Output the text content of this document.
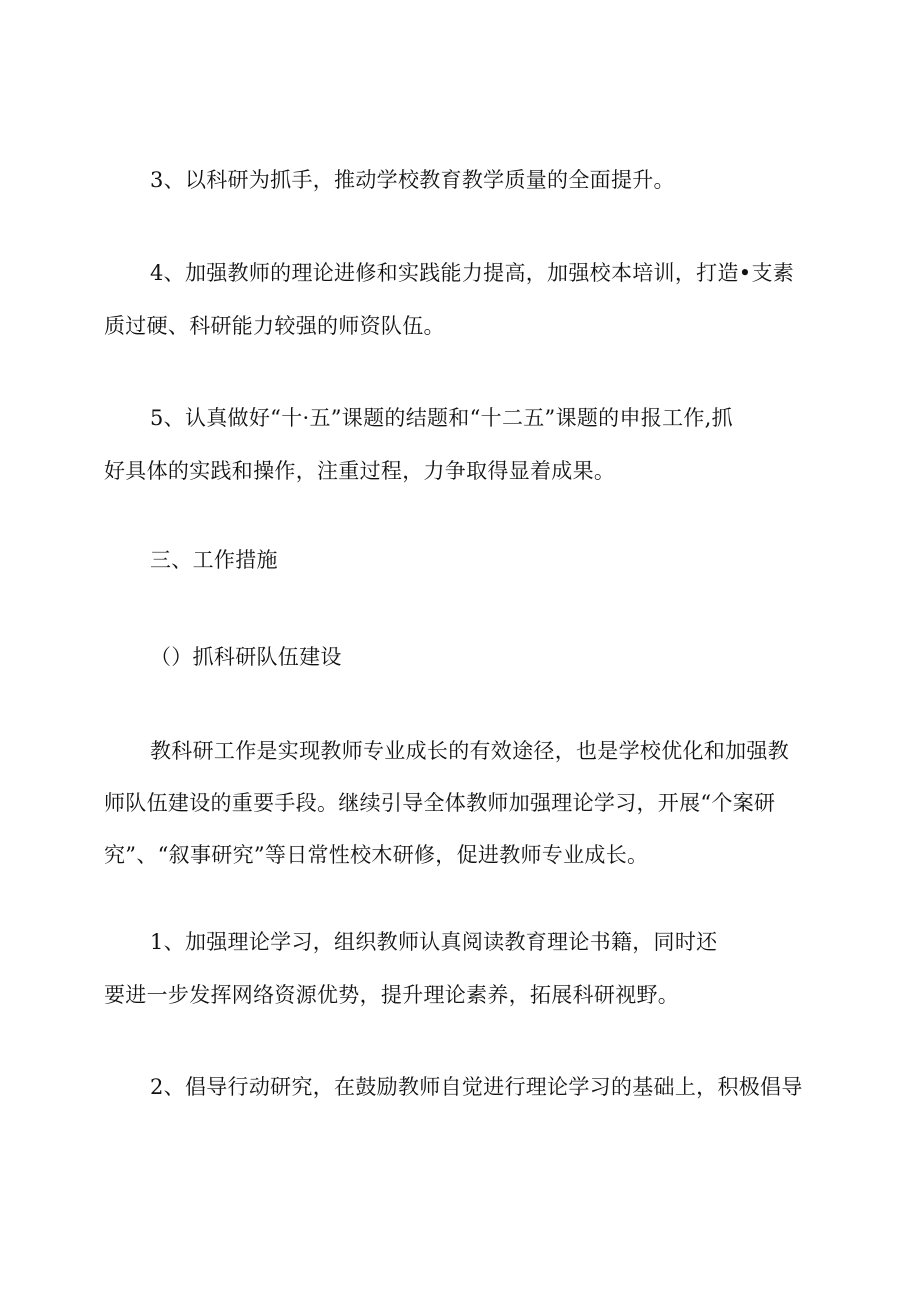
3、以科研为抓手，推动学校教育教学质量的全面提升。
4、加强教师的理论进修和实践能力提高，加强校本培训，打造•支素
质过硬、科研能力较强的师资队伍。
5、认真做好“十·五”课题的结题和“十二五”课题的申报工作,抓
好具体的实践和操作，注重过程，力争取得显着成果。
三、工作措施
（）抓科研队伍建设
教科研工作是实现教师专业成长的有效途径，也是学校优化和加强教
师队伍建设的重要手段。继续引导全体教师加强理论学习，开展“个案研
究”、“叙事研究”等日常性校木研修，促进教师专业成长。
1、加强理论学习，组织教师认真阅读教育理论书籍，同时还
要进一步发挥网络资源优势，提升理论素养，拓展科研视野。
2、倡导行动研究，在鼓励教师自觉进行理论学习的基础上，积极倡导
